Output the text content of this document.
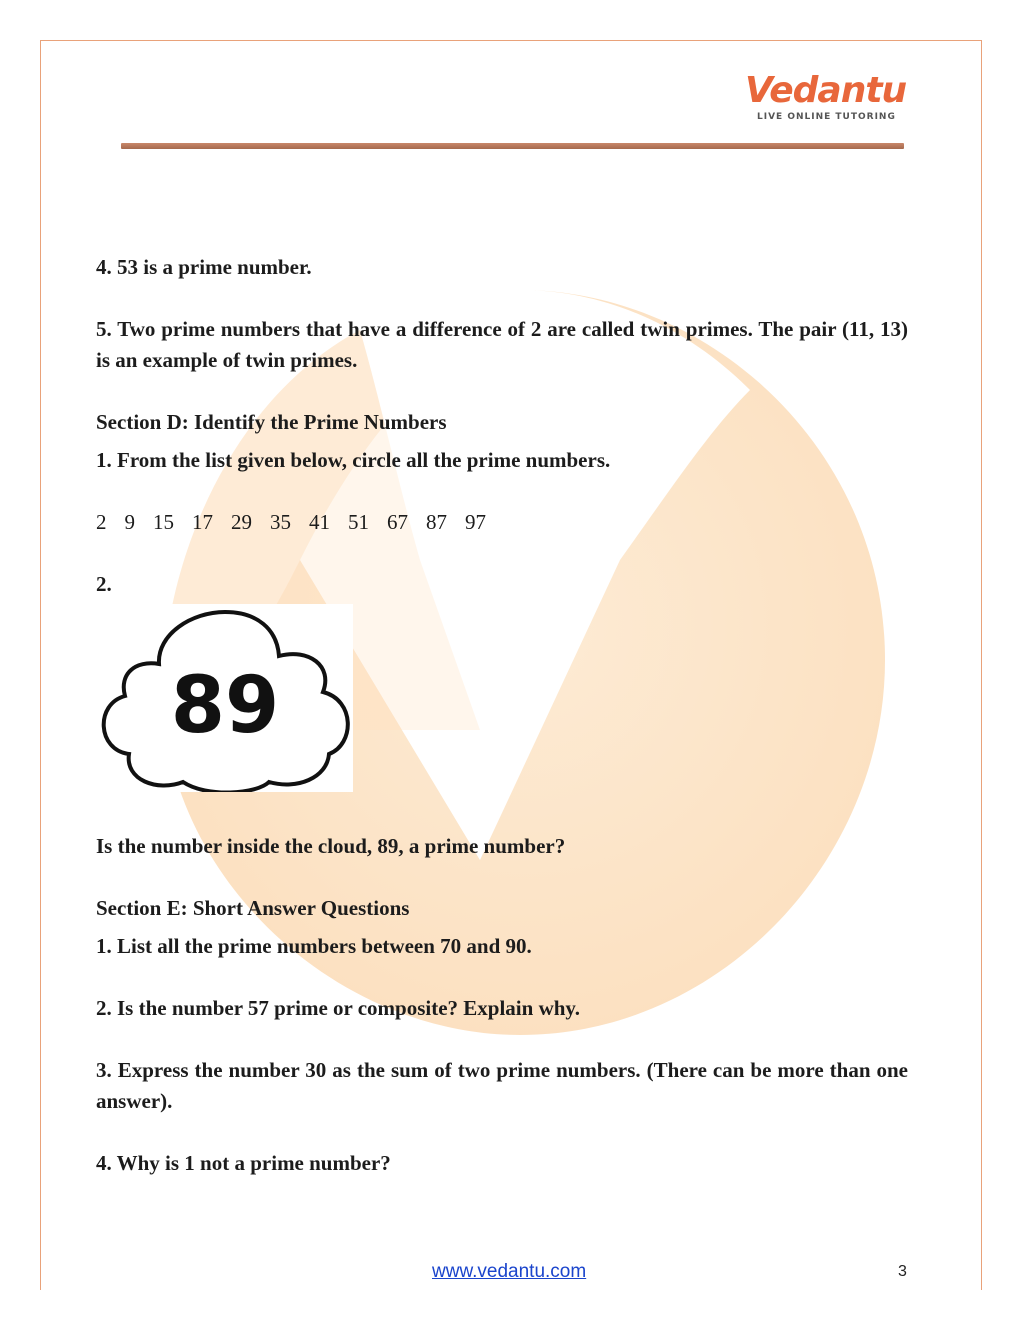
Vedantu
LIVE ONLINE TUTORING

4. 53 is a prime number.

5. Two prime numbers that have a difference of 2 are called twin primes. The pair (11, 13) is an example of twin primes.

Section D: Identify the Prime Numbers

1. From the list given below, circle all the prime numbers.

2 9 15 17 29 35 41 51 67 87 97

2.

Is the number inside the cloud, 89, a prime number?

Section E: Short Answer Questions

1. List all the prime numbers between 70 and 90.

2. Is the number 57 prime or composite? Explain why.

3. Express the number 30 as the sum of two prime numbers. (There can be more than one answer).

4. Why is 1 not a prime number?

89
www.vedantu.com	3
